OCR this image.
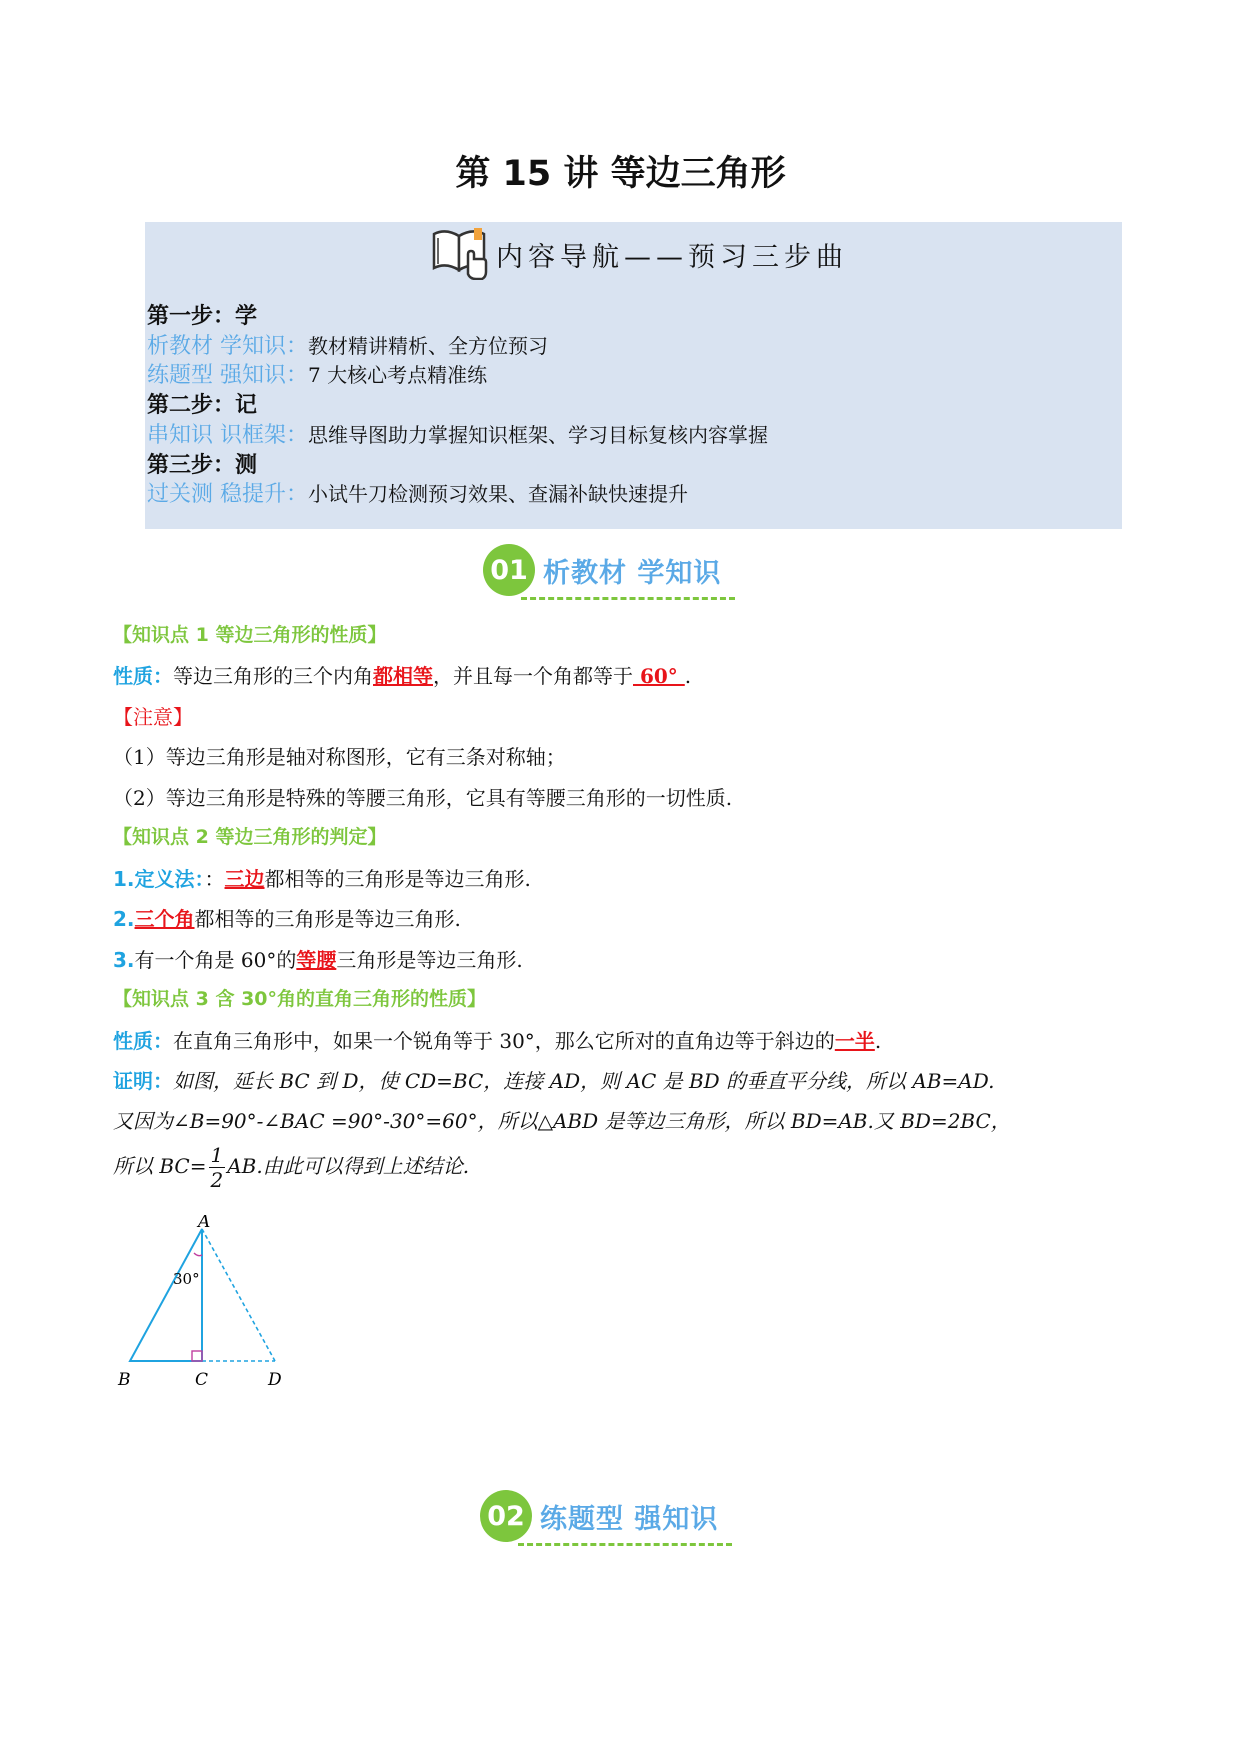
第 15 讲 等边三角形
内容导航——预习三步曲
第一步：学
析教材 学知识：教材精讲精析、全方位预习
练题型 强知识：7 大核心考点精准练
第二步：记
串知识 识框架：思维导图助力掌握知识框架、学习目标复核内容掌握
第三步：测
过关测 稳提升：小试牛刀检测预习效果、查漏补缺快速提升
01 析教材 学知识
【知识点 1 等边三角形的性质】
性质：等边三角形的三个内角都相等，并且每一个角都等于 60° .
【注意】
（1）等边三角形是轴对称图形，它有三条对称轴；
（2）等边三角形是特殊的等腰三角形，它具有等腰三角形的一切性质.
【知识点 2 等边三角形的判定】
1.定义法：：三边都相等的三角形是等边三角形.
2.三个角都相等的三角形是等边三角形.
3.有一个角是 60°的等腰三角形是等边三角形.
【知识点 3 含 30°角的直角三角形的性质】
性质：在直角三角形中，如果一个锐角等于 30°，那么它所对的直角边等于斜边的一半.
证明：如图，延长 BC 到 D，使 CD=BC，连接 AD，则 AC 是 BD 的垂直平分线，所以 AB=AD.
又因为∠B=90°-∠BAC =90°-30°=60°，所以△ABD 是等边三角形，所以 BD=AB.又 BD=2BC，
所以 $BC= \frac{1}{2}$ AB.由此可以得到上述结论.
A
B	C	D
30°
02 练题型 强知识
